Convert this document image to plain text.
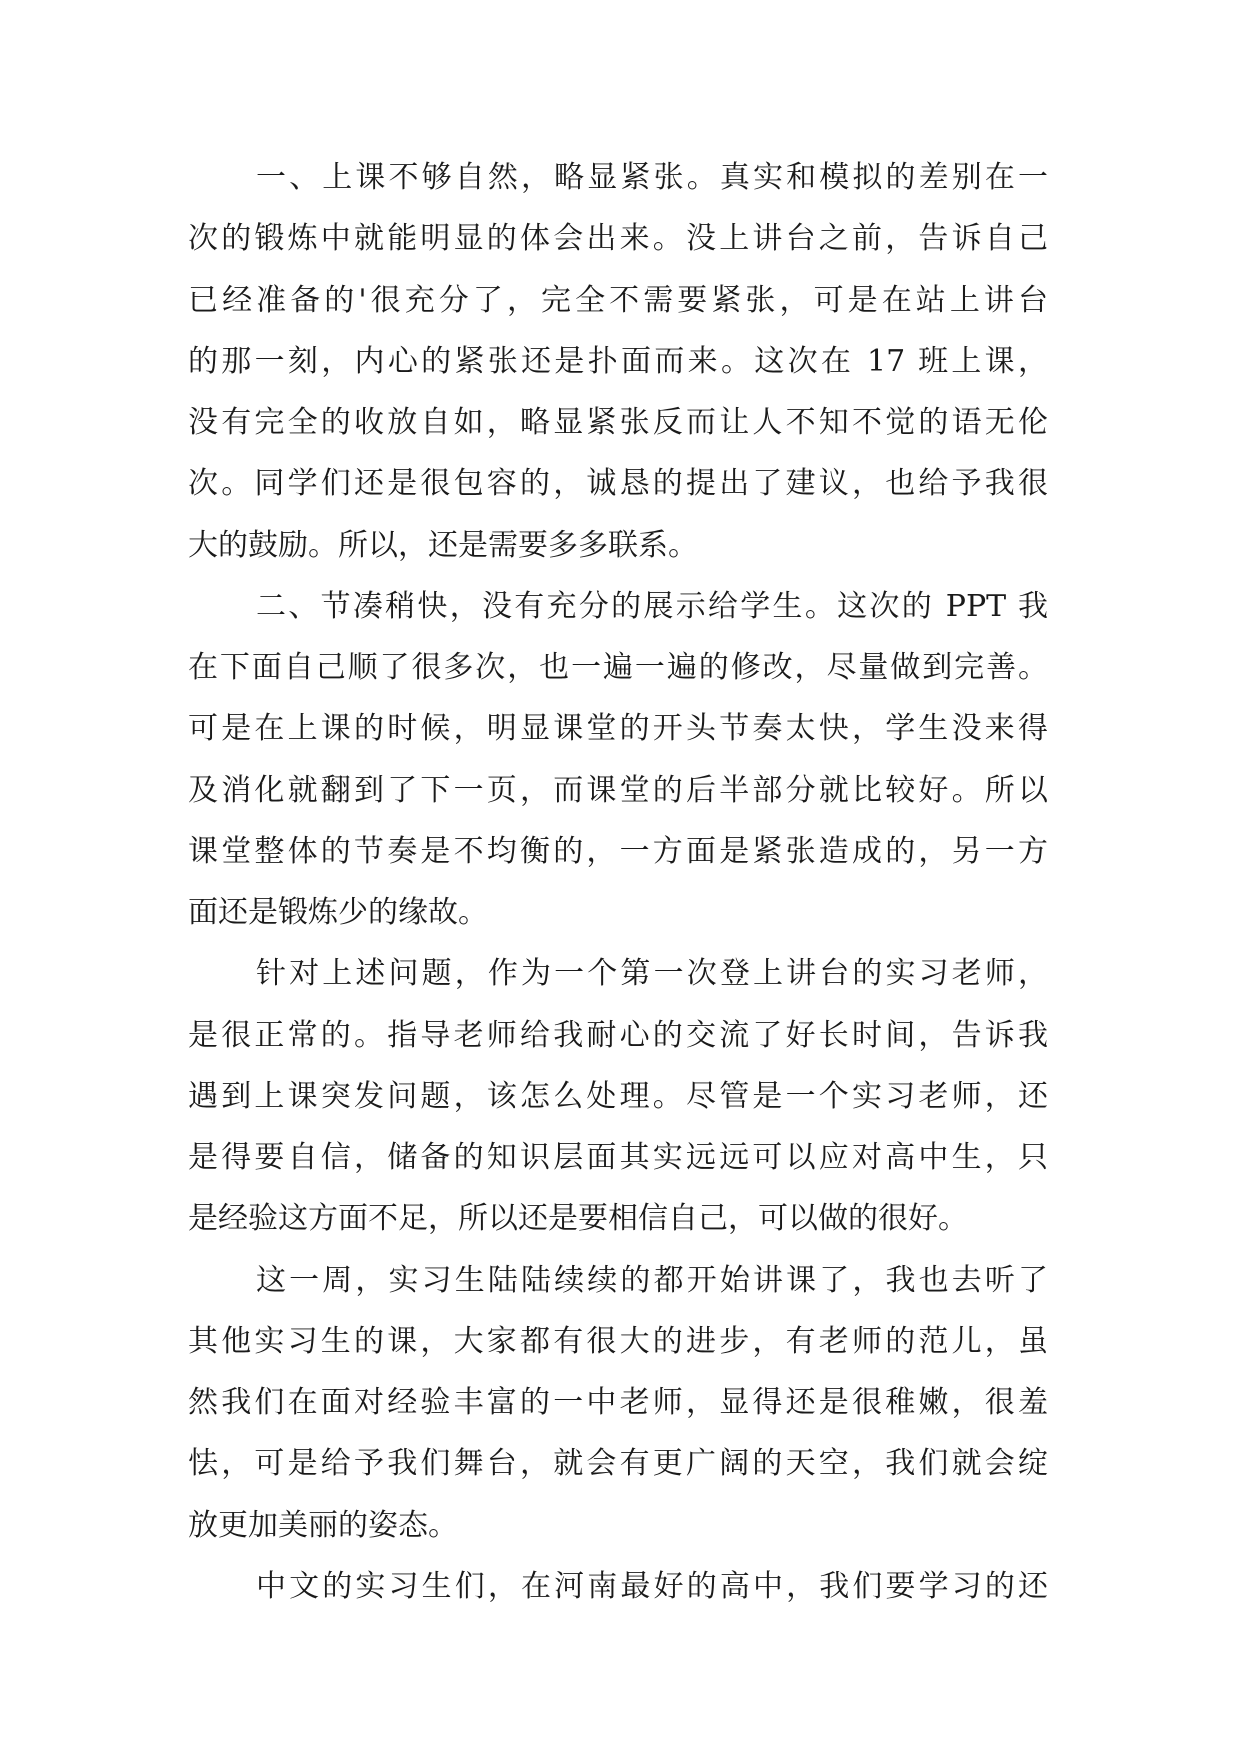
一、上课不够自然，略显紧张。真实和模拟的差别在一
次的锻炼中就能明显的体会出来。没上讲台之前，告诉自己
已经准备的'很充分了，完全不需要紧张，可是在站上讲台
的那一刻，内心的紧张还是扑面而来。这次在 17 班上课，
没有完全的收放自如，略显紧张反而让人不知不觉的语无伦
次。同学们还是很包容的，诚恳的提出了建议，也给予我很
大的鼓励。所以，还是需要多多联系。
二、节凑稍快，没有充分的展示给学生。这次的 PPT 我
在下面自己顺了很多次，也一遍一遍的修改，尽量做到完善。
可是在上课的时候，明显课堂的开头节奏太快，学生没来得
及消化就翻到了下一页，而课堂的后半部分就比较好。所以
课堂整体的节奏是不均衡的，一方面是紧张造成的，另一方
面还是锻炼少的缘故。
针对上述问题，作为一个第一次登上讲台的实习老师，
是很正常的。指导老师给我耐心的交流了好长时间，告诉我
遇到上课突发问题，该怎么处理。尽管是一个实习老师，还
是得要自信，储备的知识层面其实远远可以应对高中生，只
是经验这方面不足，所以还是要相信自己，可以做的很好。
这一周，实习生陆陆续续的都开始讲课了，我也去听了
其他实习生的课，大家都有很大的进步，有老师的范儿，虽
然我们在面对经验丰富的一中老师，显得还是很稚嫩，很羞
怯，可是给予我们舞台，就会有更广阔的天空，我们就会绽
放更加美丽的姿态。
中文的实习生们，在河南最好的高中，我们要学习的还
